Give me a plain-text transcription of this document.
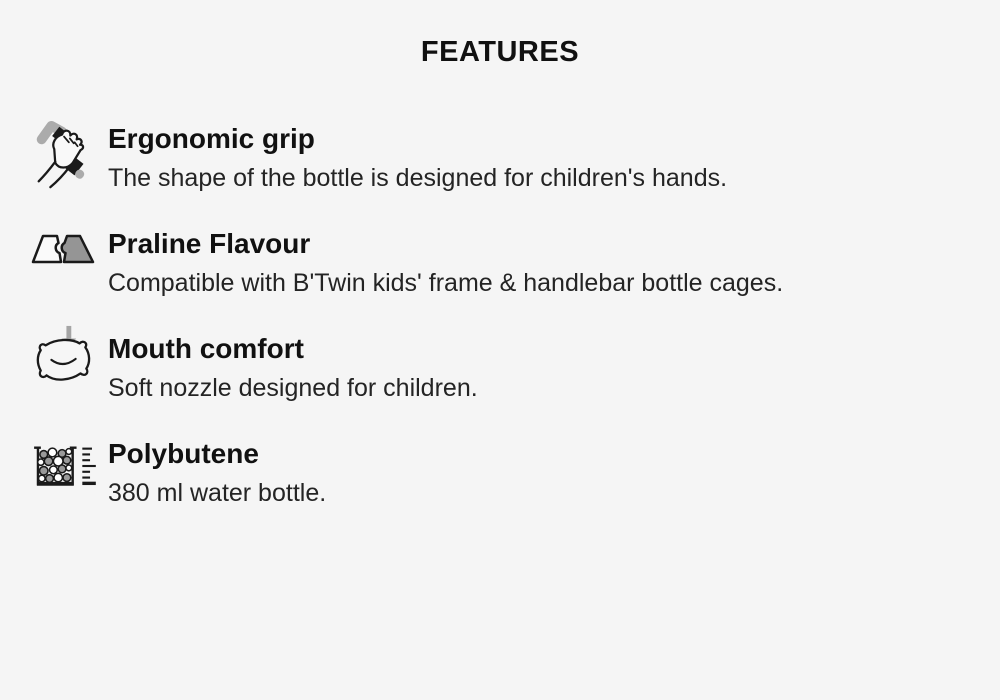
FEATURES
Ergonomic grip
The shape of the bottle is designed for children's hands.
Praline Flavour
Compatible with B'Twin kids' frame & handlebar bottle cages.
Mouth comfort
Soft nozzle designed for children.
Polybutene
380 ml water bottle.
